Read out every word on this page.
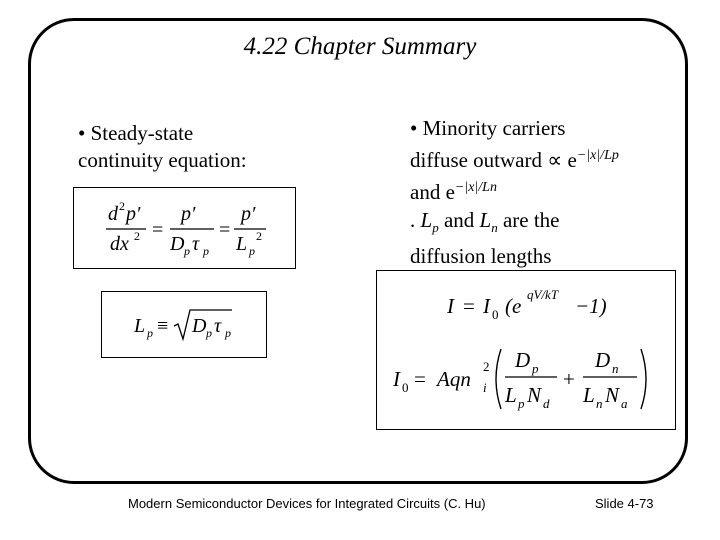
4.22 Chapter Summary
• Steady-state
continuity equation:
d 2 p′
dx 2 =
p′
D p τ p
=
p′
L p
2
L p ≡ D p τ p
• Minority carriers
diffuse outward ∝ $e^{-|x|/Lp}$
and $e^{-|x|/Ln}$
. $L_p$ and $L_n$ are the
diffusion lengths
I = I 0 (e qV/kT −1)
I 0 = Aqn i
2 D p
L p N d
+
D n
L n N a
Modern Semiconductor Devices for Integrated Circuits (C. Hu)	Slide 4-73
